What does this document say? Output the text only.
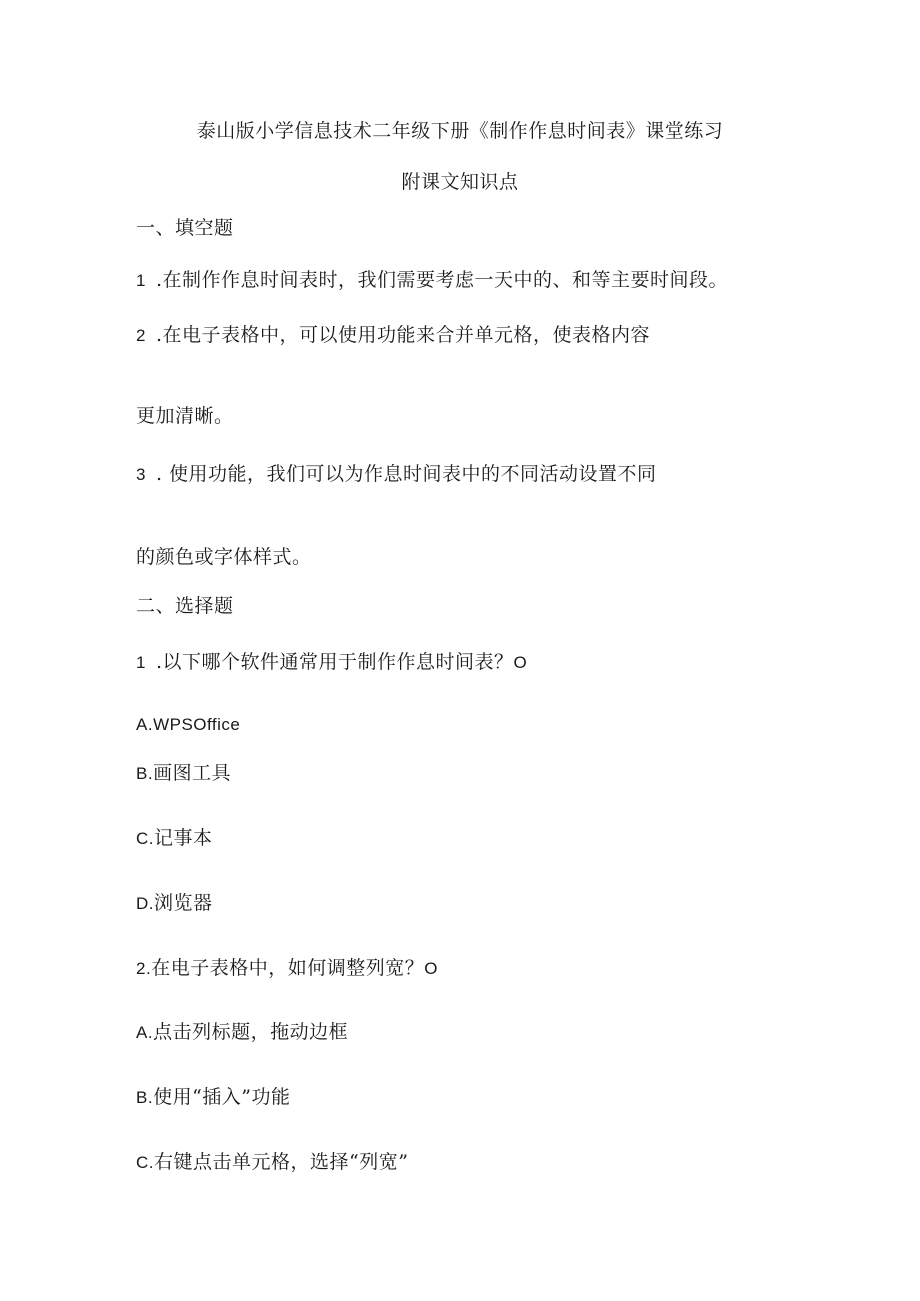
泰山版小学信息技术二年级下册《制作作息时间表》课堂练习
附课文知识点
一、填空题
1 .在制作作息时间表时，我们需要考虑一天中的、和等主要时间段。
2 .在电子表格中，可以使用功能来合并单元格，使表格内容
更加清晰。
3 . 使用功能，我们可以为作息时间表中的不同活动设置不同
的颜色或字体样式。
二、选择题
1 .以下哪个软件通常用于制作作息时间表？O
A.WPSOffice
B.画图工具
C.记事本
D.浏览器
2.在电子表格中，如何调整列宽？O
A.点击列标题，拖动边框
B.使用“插入”功能
C.右键点击单元格，选择“列宽”
